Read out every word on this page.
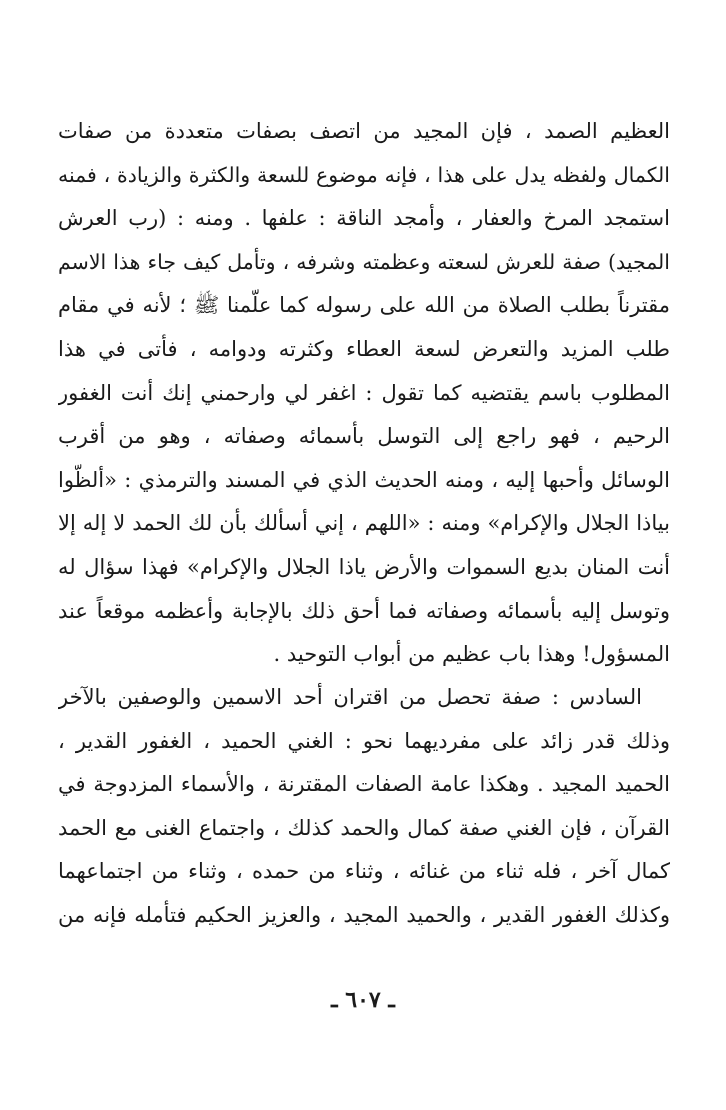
العظيم الصمد ، فإن المجيد من اتصف بصفات متعددة من صفات
الكمال ولفظه يدل على هذا ، فإنه موضوع للسعة والكثرة والزيادة ، فمنه
استمجد المرخ والعفار ، وأمجد الناقة : علفها . ومنه : (رب العرش
المجيد) صفة للعرش لسعته وعظمته وشرفه ، وتأمل كيف جاء هذا الاسم
مقترناً بطلب الصلاة من الله على رسوله كما علّمنا ﷺ ؛ لأنه في مقام
طلب المزيد والتعرض لسعة العطاء وكثرته ودوامه ، فأتى في هذا
المطلوب باسم يقتضيه كما تقول : اغفر لي وارحمني إنك أنت الغفور
الرحيم ، فهو راجع إلى التوسل بأسمائه وصفاته ، وهو من أقرب
الوسائل وأحبها إليه ، ومنه الحديث الذي في المسند والترمذي : «ألظّوا
بياذا الجلال والإكرام» ومنه : «اللهم ، إني أسألك بأن لك الحمد لا إله إلا
أنت المنان بديع السموات والأرض ياذا الجلال والإكرام» فهذا سؤال له
وتوسل إليه بأسمائه وصفاته فما أحق ذلك بالإجابة وأعظمه موقعاً عند
المسؤول! وهذا باب عظيم من أبواب التوحيد .
السادس : صفة تحصل من اقتران أحد الاسمين والوصفين بالآخر
وذلك قدر زائد على مفرديهما نحو : الغني الحميد ، الغفور القدير ،
الحميد المجيد . وهكذا عامة الصفات المقترنة ، والأسماء المزدوجة في
القرآن ، فإن الغني صفة كمال والحمد كذلك ، واجتماع الغنى مع الحمد
كمال آخر ، فله ثناء من غنائه ، وثناء من حمده ، وثناء من اجتماعهما
وكذلك الغفور القدير ، والحميد المجيد ، والعزيز الحكيم فتأمله فإنه من
ـ ٦٠٧ ـ
